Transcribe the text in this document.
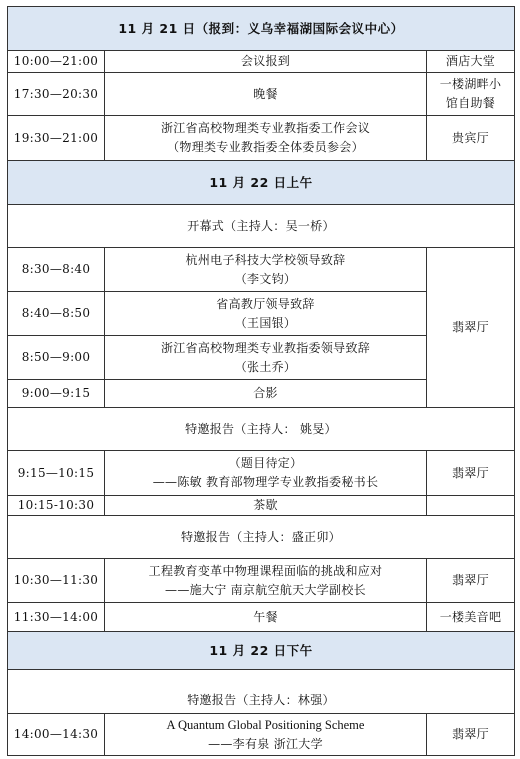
11 月 21 日（报到：义乌幸福湖国际会议中心）		
10:00—21:00	会议报到	酒店大堂
17:30—20:30	晚餐	一楼湖畔小
馆自助餐

19:30—21:00	浙江省高校物理类专业教指委工作会议
（物理类专业教指委全体委员参会）	贵宾厅
11 月 22 日上午		
开幕式（主持人：吴一桥）		
8:30—8:40	杭州电子科技大学校领导致辞
（李文钧）	翡翠厅
8:40—8:50	省高教厅领导致辞
（王国银）	

8:50—9:00	浙江省高校物理类专业教指委领导致辞
（张土乔）	

9:00—9:15	合影	
特邀报告（主持人： 姚旻）		
9:15—10:15	（题目待定）
——陈敏 教育部物理学专业教指委秘书长	翡翠厅
10:15-10:30	茶歇	
特邀报告（主持人：盛正卯）		
10:30—11:30	工程教育变革中物理课程面临的挑战和应对
——施大宁 南京航空航天大学副校长	翡翠厅
11:30—14:00	午餐	一楼美音吧
11 月 22 日下午		
特邀报告（主持人：林强）		
14:00—14:30	A Quantum Global Positioning Scheme
——李有泉 浙江大学	翡翠厅
